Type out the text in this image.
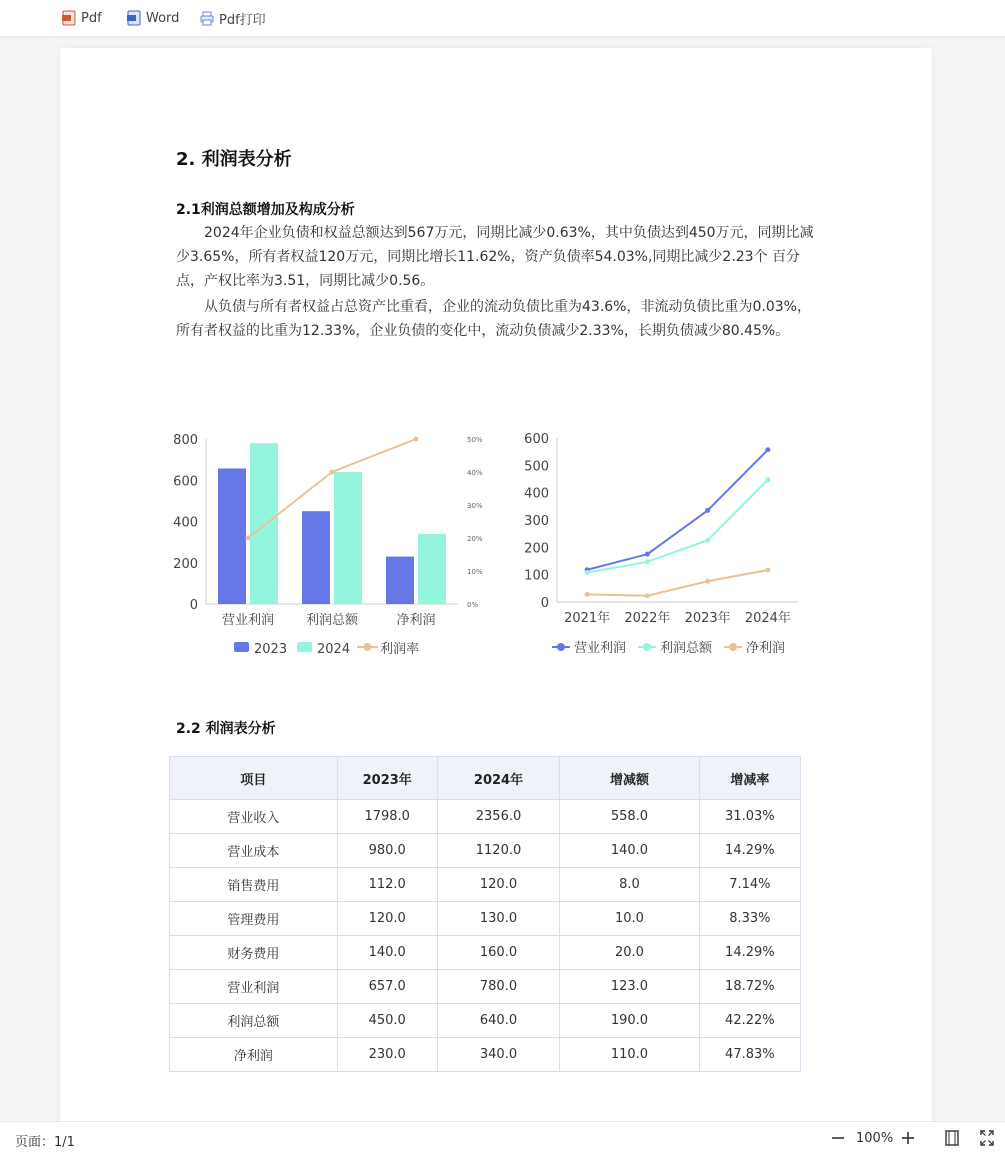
Pdf	Word	Pdf打印
2. 利润表分析
2.1利润总额增加及构成分析
2024年企业负债和权益总额达到567万元，同期比减少0.63%，其中负债达到450万元，同期比减少3.65%，所有者权益120万元，同期比增长11.62%，资产负债率54.03%,同期比减少2.23个 百分点，产权比率为3.51，同期比减少0.56。
从负债与所有者权益占总资产比重看，企业的流动负债比重为43.6%，非流动负债比重为0.03%，所有者权益的比重为12.33%，企业负债的变化中，流动负债减少2.33%，长期负债减少80.45%。
800
600
400
200
0
50%
40%
30%
20%
10%
0%
营业利润 利润总额	净利润
2023 2024 利润率
600
500
400
300
200
100
0
2021年 2022年 2023年 2024年
营业利润	利润总额	净利润
2.2 利润表分析
项目	2023年	2024年	增减额	增减率
营业收入	1798.0	2356.0	558.0	31.03%
营业成本	980.0	1120.0	140.0	14.29%
销售费用	112.0	120.0	8.0	7.14%
管理费用	120.0	130.0	10.0	8.33%
财务费用	140.0	160.0	20.0	14.29%
营业利润	657.0	780.0	123.0	18.72%
利润总额	450.0	640.0	190.0	42.22%
净利润	230.0	340.0	110.0	47.83%
页面：1/1	100%
